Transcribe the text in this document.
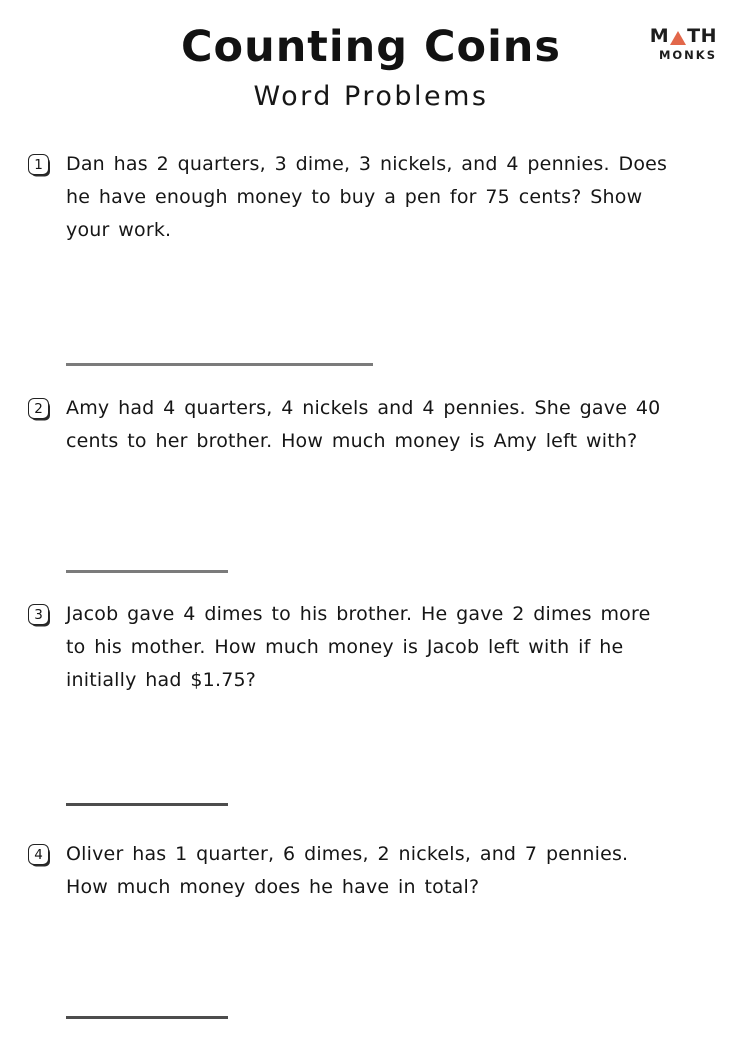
Counting Coins
Word Problems
M TH
MONKS
1	Dan has 2 quarters, 3 dime, 3 nickels, and 4 pennies. Does
he have enough money to buy a pen for 75 cents? Show
your work.
2	Amy had 4 quarters, 4 nickels and 4 pennies. She gave 40
cents to her brother. How much money is Amy left with?
3	Jacob gave 4 dimes to his brother. He gave 2 dimes more
to his mother. How much money is Jacob left with if he
initially had $1.75?
4	Oliver has 1 quarter, 6 dimes, 2 nickels, and 7 pennies.
How much money does he have in total?
